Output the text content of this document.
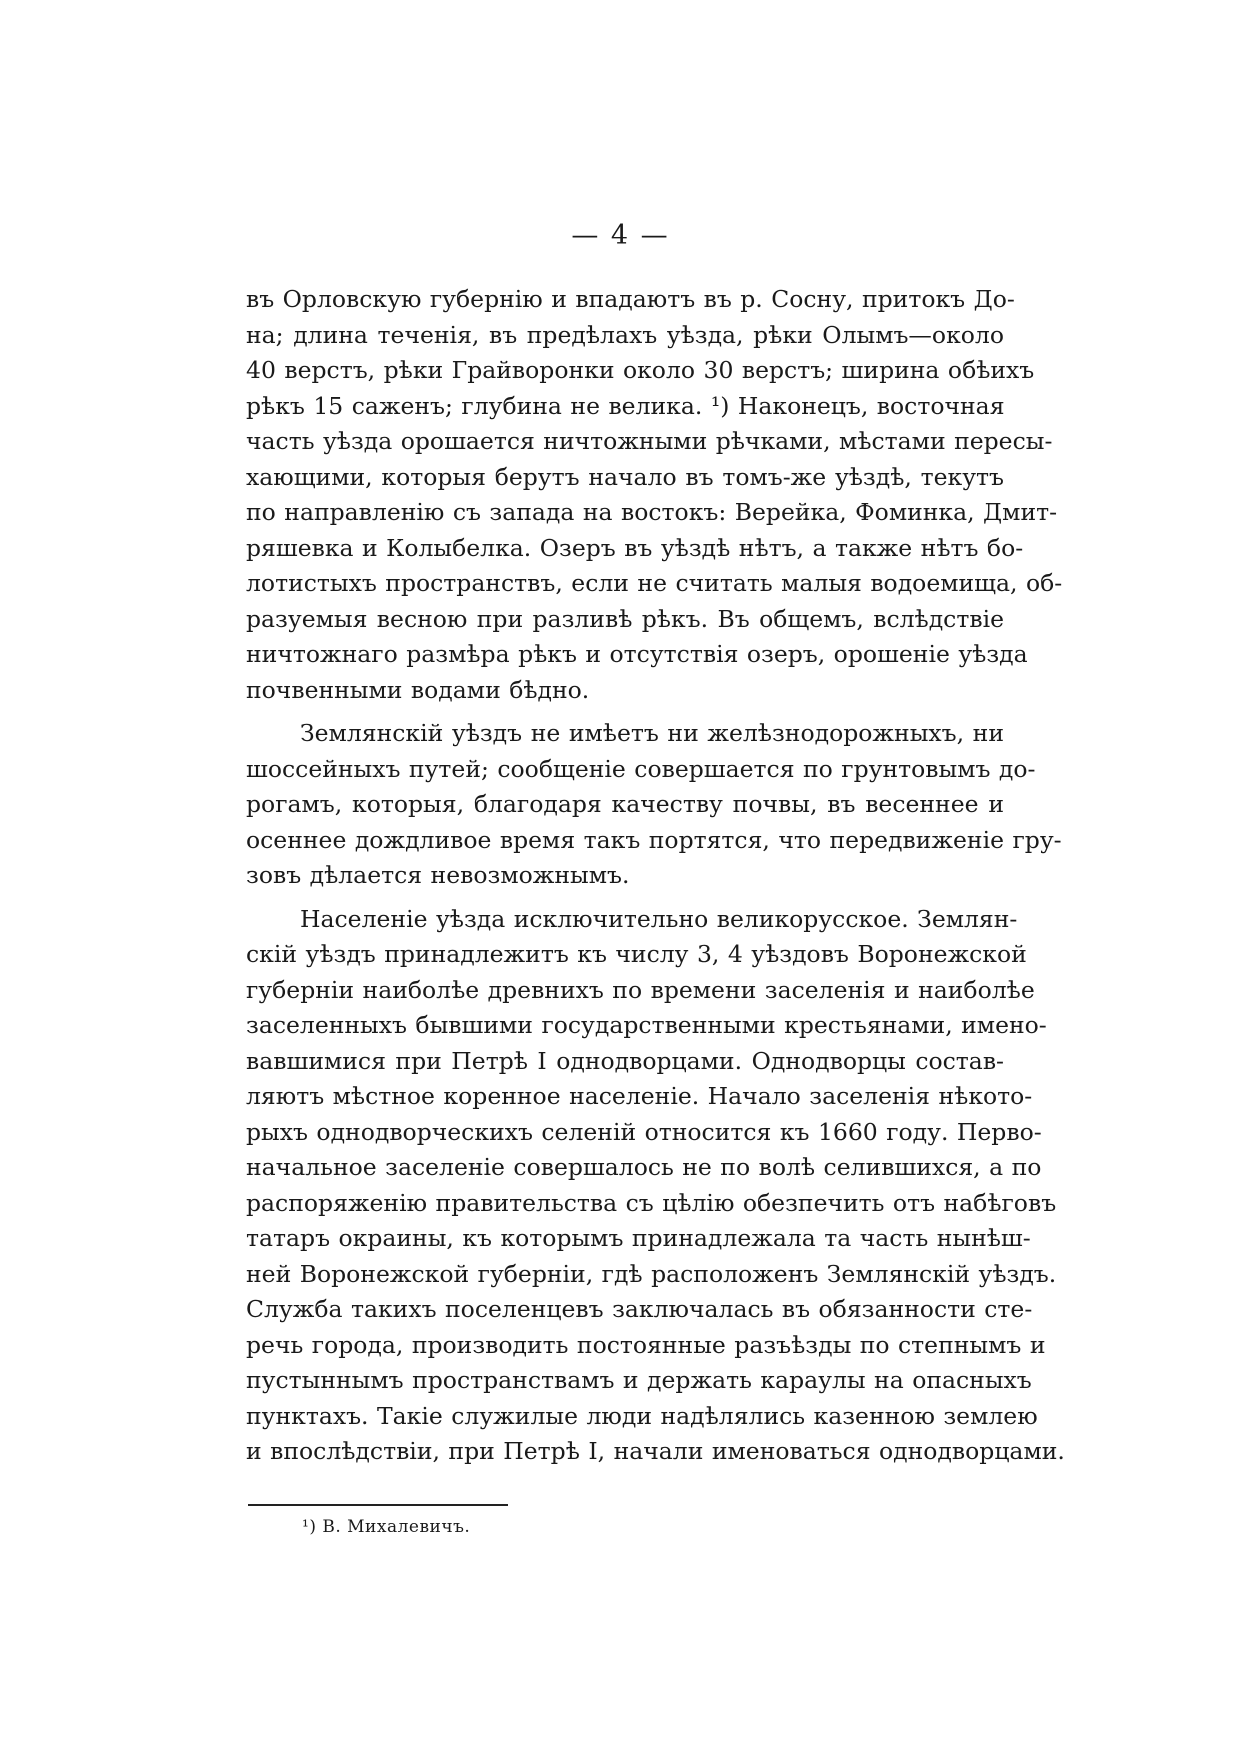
— 4 —
въ Орловскую губернію и впадаютъ въ р. Сосну, притокъ До-
на; длина теченія, въ предѣлахъ уѣзда, рѣки Олымъ—около
40 верстъ, рѣки Грайворонки около 30 верстъ; ширина обѣихъ
рѣкъ 15 саженъ; глубина не велика. ¹) Наконецъ, восточная
часть уѣзда орошается ничтожными рѣчками, мѣстами пересы-
хающими, которыя берутъ начало въ томъ-же уѣздѣ, текутъ
по направленію съ запада на востокъ: Верейка, Фоминка, Дмит-
ряшевка и Колыбелка. Озеръ въ уѣздѣ нѣтъ, а также нѣтъ бо-
лотистыхъ пространствъ, если не считать малыя водоемища, об-
разуемыя весною при разливѣ рѣкъ. Въ общемъ, вслѣдствіе
ничтожнаго размѣра рѣкъ и отсутствія озеръ, орошеніе уѣзда
почвенными водами бѣдно.
Землянскій уѣздъ не имѣетъ ни желѣзнодорожныхъ, ни
шоссейныхъ путей; сообщеніе совершается по грунтовымъ до-
рогамъ, которыя, благодаря качеству почвы, въ весеннее и
осеннее дождливое время такъ портятся, что передвиженіе гру-
зовъ дѣлается невозможнымъ.
Населеніе уѣзда исключительно великорусское. Землян-
скій уѣздъ принадлежитъ къ числу 3, 4 уѣздовъ Воронежской
губерніи наиболѣе древнихъ по времени заселенія и наиболѣе
заселенныхъ бывшими государственными крестьянами, имено-
вавшимися при Петрѣ I однодворцами. Однодворцы состав-
ляютъ мѣстное коренное населеніе. Начало заселенія нѣкото-
рыхъ однодворческихъ селеній относится къ 1660 году. Перво-
начальное заселеніе совершалось не по волѣ селившихся, а по
распоряженію правительства съ цѣлію обезпечить отъ набѣговъ
татаръ окраины, къ которымъ принадлежала та часть нынѣш-
ней Воронежской губерніи, гдѣ расположенъ Землянскій уѣздъ.
Служба такихъ поселенцевъ заключалась въ обязанности сте-
речь города, производить постоянные разъѣзды по степнымъ и
пустыннымъ пространствамъ и держать караулы на опасныхъ
пунктахъ. Такіе служилые люди надѣлялись казенною землею
и впослѣдствіи, при Петрѣ I, начали именоваться однодворцами.
¹) В. Михалевичъ.
